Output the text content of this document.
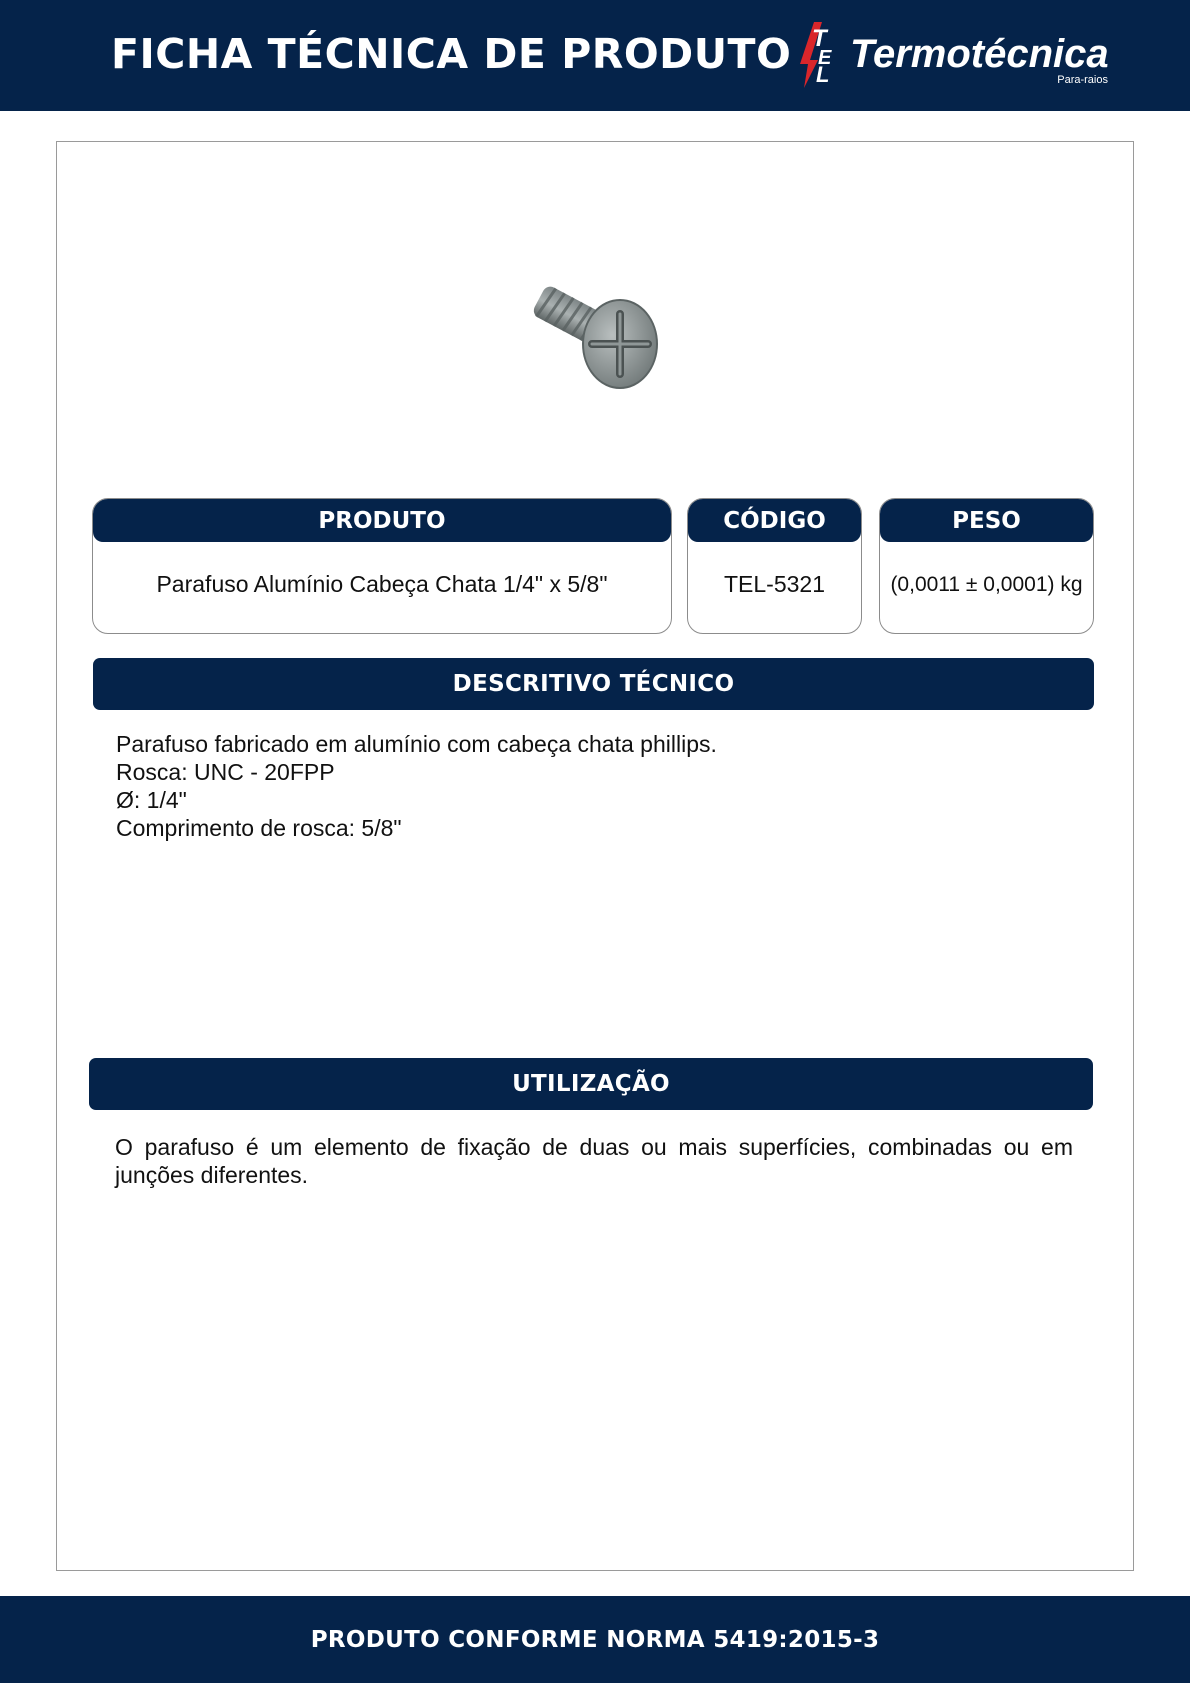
FICHA TÉCNICA DE PRODUTO T
E
L Termotécnica
Para-raios
PRODUTO
Parafuso Alumínio Cabeça Chata 1/4" x 5/8"
CÓDIGO
TEL-5321
PESO
(0,0011 ± 0,0001) kg
DESCRITIVO TÉCNICO
Parafuso fabricado em alumínio com cabeça chata phillips.
Rosca: UNC - 20FPP
Ø: 1/4"
Comprimento de rosca: 5/8"
UTILIZAÇÃO
O parafuso é um elemento de fixação de duas ou mais superfícies, combinadas ou em junções diferentes.
PRODUTO CONFORME NORMA 5419:2015-3
